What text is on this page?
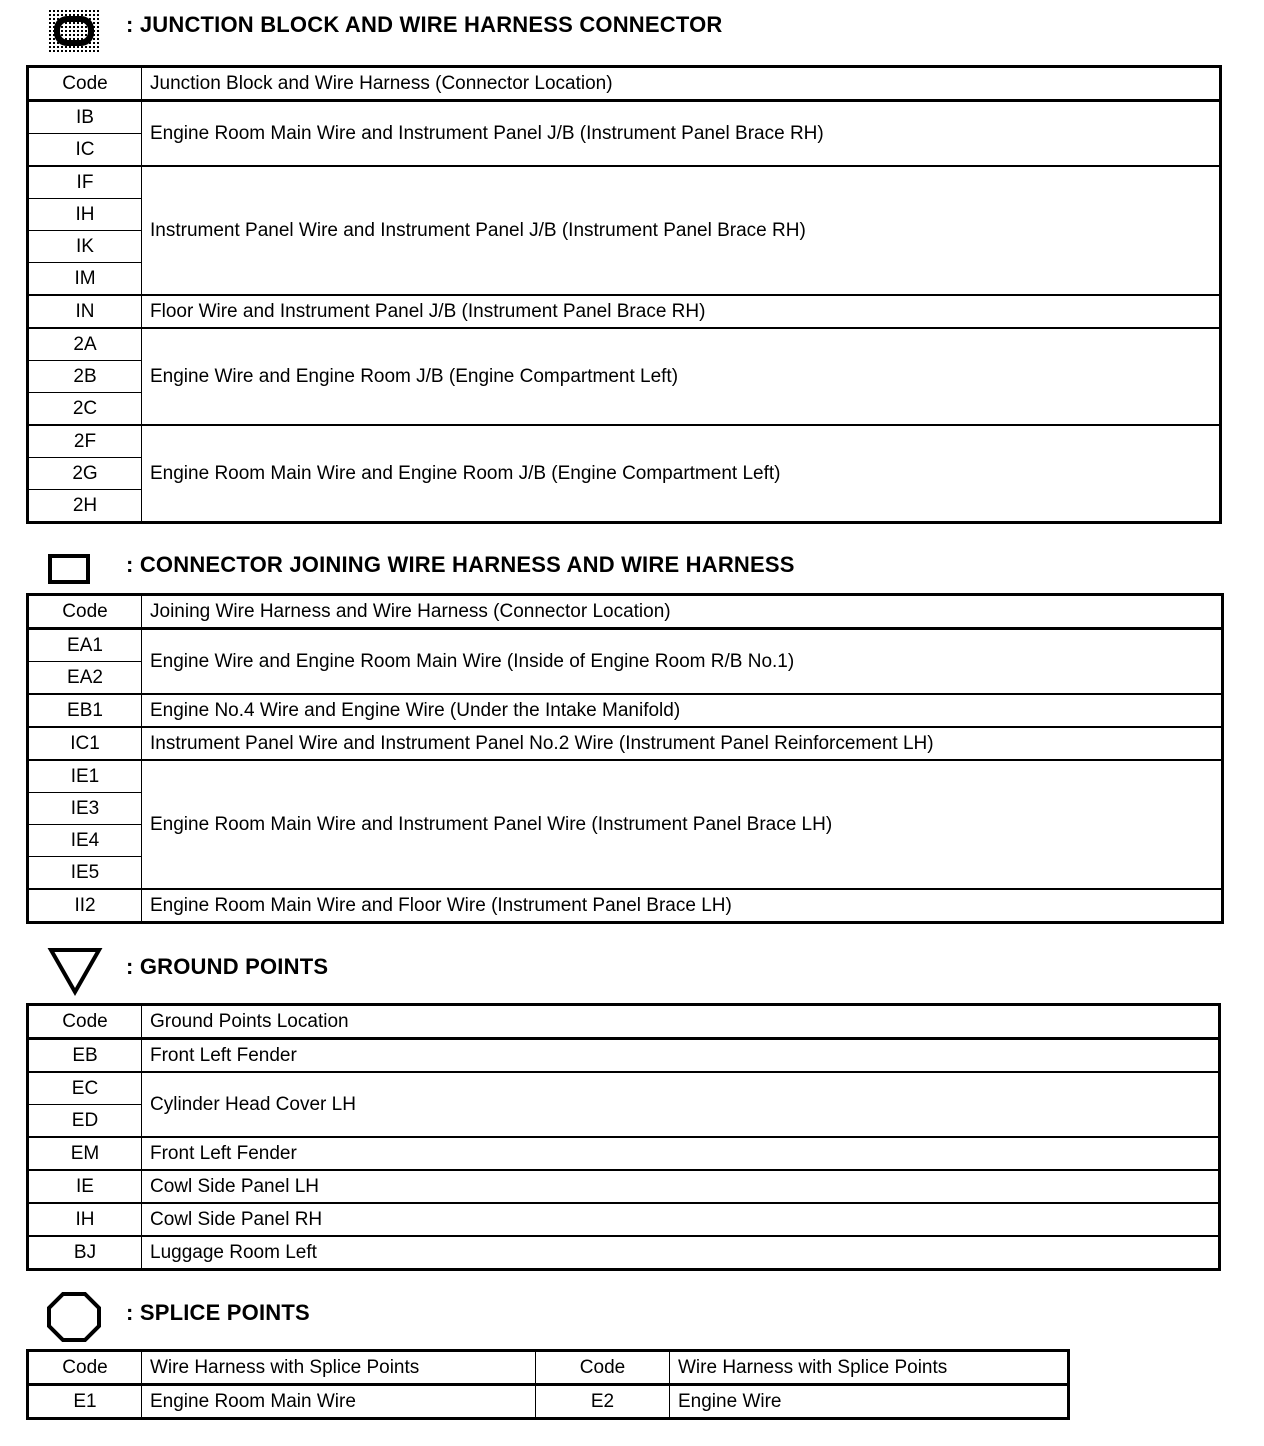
: JUNCTION BLOCK AND WIRE HARNESS CONNECTOR
Code	Junction Block and Wire Harness (Connector Location)
IB	Engine Room Main Wire and Instrument Panel J/B (Instrument Panel Brace RH)
IC	
IF	Instrument Panel Wire and Instrument Panel J/B (Instrument Panel Brace RH)
IH	
IK	
IM	
IN	Floor Wire and Instrument Panel J/B (Instrument Panel Brace RH)
2A	Engine Wire and Engine Room J/B (Engine Compartment Left)
2B	
2C	
2F	Engine Room Main Wire and Engine Room J/B (Engine Compartment Left)
2G	
2H	
: CONNECTOR JOINING WIRE HARNESS AND WIRE HARNESS
Code	Joining Wire Harness and Wire Harness (Connector Location)
EA1	Engine Wire and Engine Room Main Wire (Inside of Engine Room R/B No.1)
EA2	
EB1	Engine No.4 Wire and Engine Wire (Under the Intake Manifold)
IC1	Instrument Panel Wire and Instrument Panel No.2 Wire (Instrument Panel Reinforcement LH)
IE1	Engine Room Main Wire and Instrument Panel Wire (Instrument Panel Brace LH)
IE3	
IE4	
IE5	
II2	Engine Room Main Wire and Floor Wire (Instrument Panel Brace LH)
: GROUND POINTS
Code	Ground Points Location
EB	Front Left Fender
EC	Cylinder Head Cover LH
ED	
EM	Front Left Fender
IE	Cowl Side Panel LH
IH	Cowl Side Panel RH
BJ	Luggage Room Left
: SPLICE POINTS
Code	Wire Harness with Splice Points	Code	Wire Harness with Splice Points
E1	Engine Room Main Wire	E2	Engine Wire
